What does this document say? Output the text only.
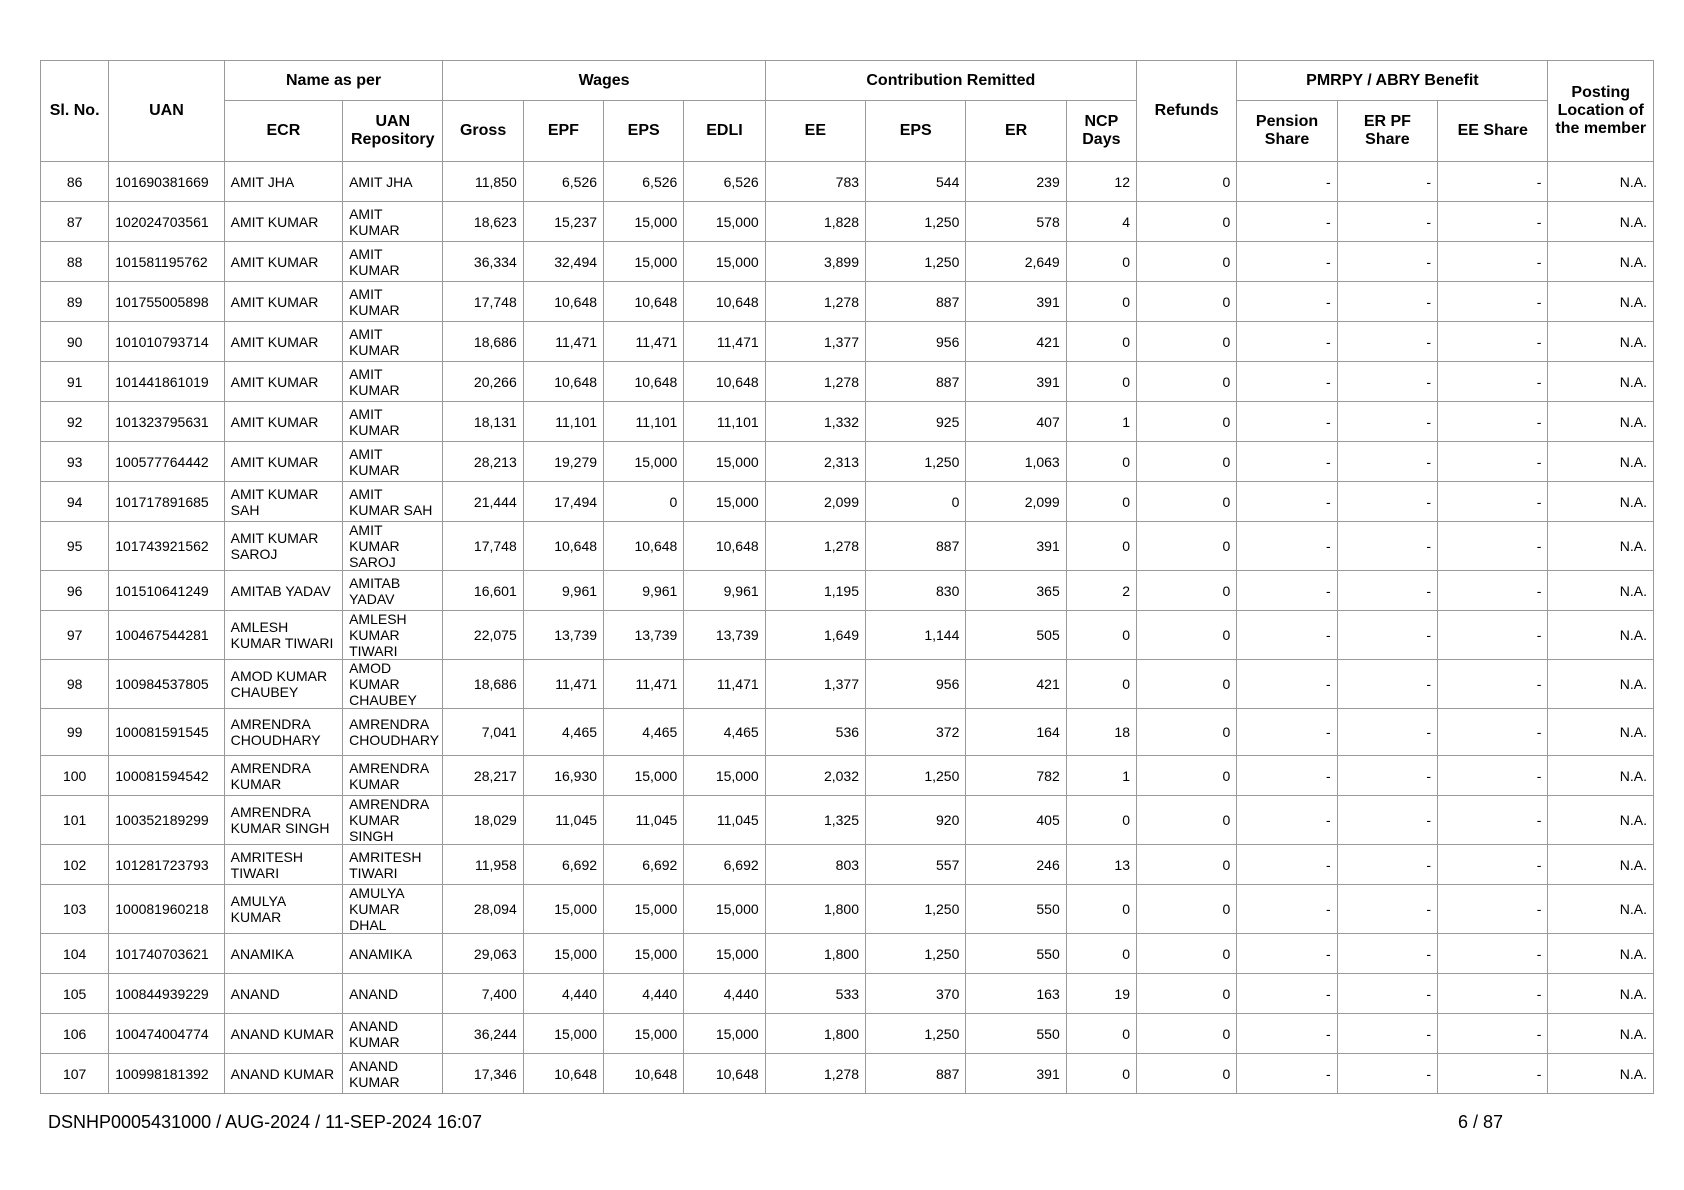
Sl. No.	UAN	Name as per		Wages				Contribution Remitted				Refunds	PMRPY / ABRY Benefit			Posting Location of the member
		ECR	UAN Repository	Gross	EPF	EPS	EDLI	EE	EPS	ER	NCP Days		Pension Share	ER PF Share	EE Share	
86	101690381669	AMIT JHA	AMIT JHA	11,850	6,526	6,526	6,526	783	544	239	12	0	-	-	-	N.A.
87	102024703561	AMIT KUMAR	AMIT KUMAR	18,623	15,237	15,000	15,000	1,828	1,250	578	4	0	-	-	-	N.A.
88	101581195762	AMIT KUMAR	AMIT KUMAR	36,334	32,494	15,000	15,000	3,899	1,250	2,649	0	0	-	-	-	N.A.
89	101755005898	AMIT KUMAR	AMIT KUMAR	17,748	10,648	10,648	10,648	1,278	887	391	0	0	-	-	-	N.A.
90	101010793714	AMIT KUMAR	AMIT KUMAR	18,686	11,471	11,471	11,471	1,377	956	421	0	0	-	-	-	N.A.
91	101441861019	AMIT KUMAR	AMIT KUMAR	20,266	10,648	10,648	10,648	1,278	887	391	0	0	-	-	-	N.A.
92	101323795631	AMIT KUMAR	AMIT KUMAR	18,131	11,101	11,101	11,101	1,332	925	407	1	0	-	-	-	N.A.
93	100577764442	AMIT KUMAR	AMIT KUMAR	28,213	19,279	15,000	15,000	2,313	1,250	1,063	0	0	-	-	-	N.A.
94	101717891685	AMIT KUMAR SAH	AMIT KUMAR SAH	21,444	17,494	0	15,000	2,099	0	2,099	0	0	-	-	-	N.A.
95	101743921562	AMIT KUMAR SAROJ	AMIT KUMAR SAROJ	17,748	10,648	10,648	10,648	1,278	887	391	0	0	-	-	-	N.A.
96	101510641249	AMITAB YADAV	AMITAB YADAV	16,601	9,961	9,961	9,961	1,195	830	365	2	0	-	-	-	N.A.
97	100467544281	AMLESH KUMAR TIWARI	AMLESH KUMAR TIWARI	22,075	13,739	13,739	13,739	1,649	1,144	505	0	0	-	-	-	N.A.
98	100984537805	AMOD KUMAR CHAUBEY	AMOD KUMAR CHAUBEY	18,686	11,471	11,471	11,471	1,377	956	421	0	0	-	-	-	N.A.
99	100081591545	AMRENDRA CHOUDHARY	AMRENDRA CHOUDHARY	7,041	4,465	4,465	4,465	536	372	164	18	0	-	-	-	N.A.
100	100081594542	AMRENDRA KUMAR	AMRENDRA KUMAR	28,217	16,930	15,000	15,000	2,032	1,250	782	1	0	-	-	-	N.A.
101	100352189299	AMRENDRA KUMAR SINGH	AMRENDRA KUMAR SINGH	18,029	11,045	11,045	11,045	1,325	920	405	0	0	-	-	-	N.A.
102	101281723793	AMRITESH TIWARI	AMRITESH TIWARI	11,958	6,692	6,692	6,692	803	557	246	13	0	-	-	-	N.A.
103	100081960218	AMULYA KUMAR	AMULYA KUMAR DHAL	28,094	15,000	15,000	15,000	1,800	1,250	550	0	0	-	-	-	N.A.
104	101740703621	ANAMIKA	ANAMIKA	29,063	15,000	15,000	15,000	1,800	1,250	550	0	0	-	-	-	N.A.
105	100844939229	ANAND	ANAND	7,400	4,440	4,440	4,440	533	370	163	19	0	-	-	-	N.A.
106	100474004774	ANAND KUMAR	ANAND KUMAR	36,244	15,000	15,000	15,000	1,800	1,250	550	0	0	-	-	-	N.A.
107	100998181392	ANAND KUMAR	ANAND KUMAR	17,346	10,648	10,648	10,648	1,278	887	391	0	0	-	-	-	N.A.
DSNHP0005431000 / AUG-2024 / 11-SEP-2024 16:07	6 / 87
